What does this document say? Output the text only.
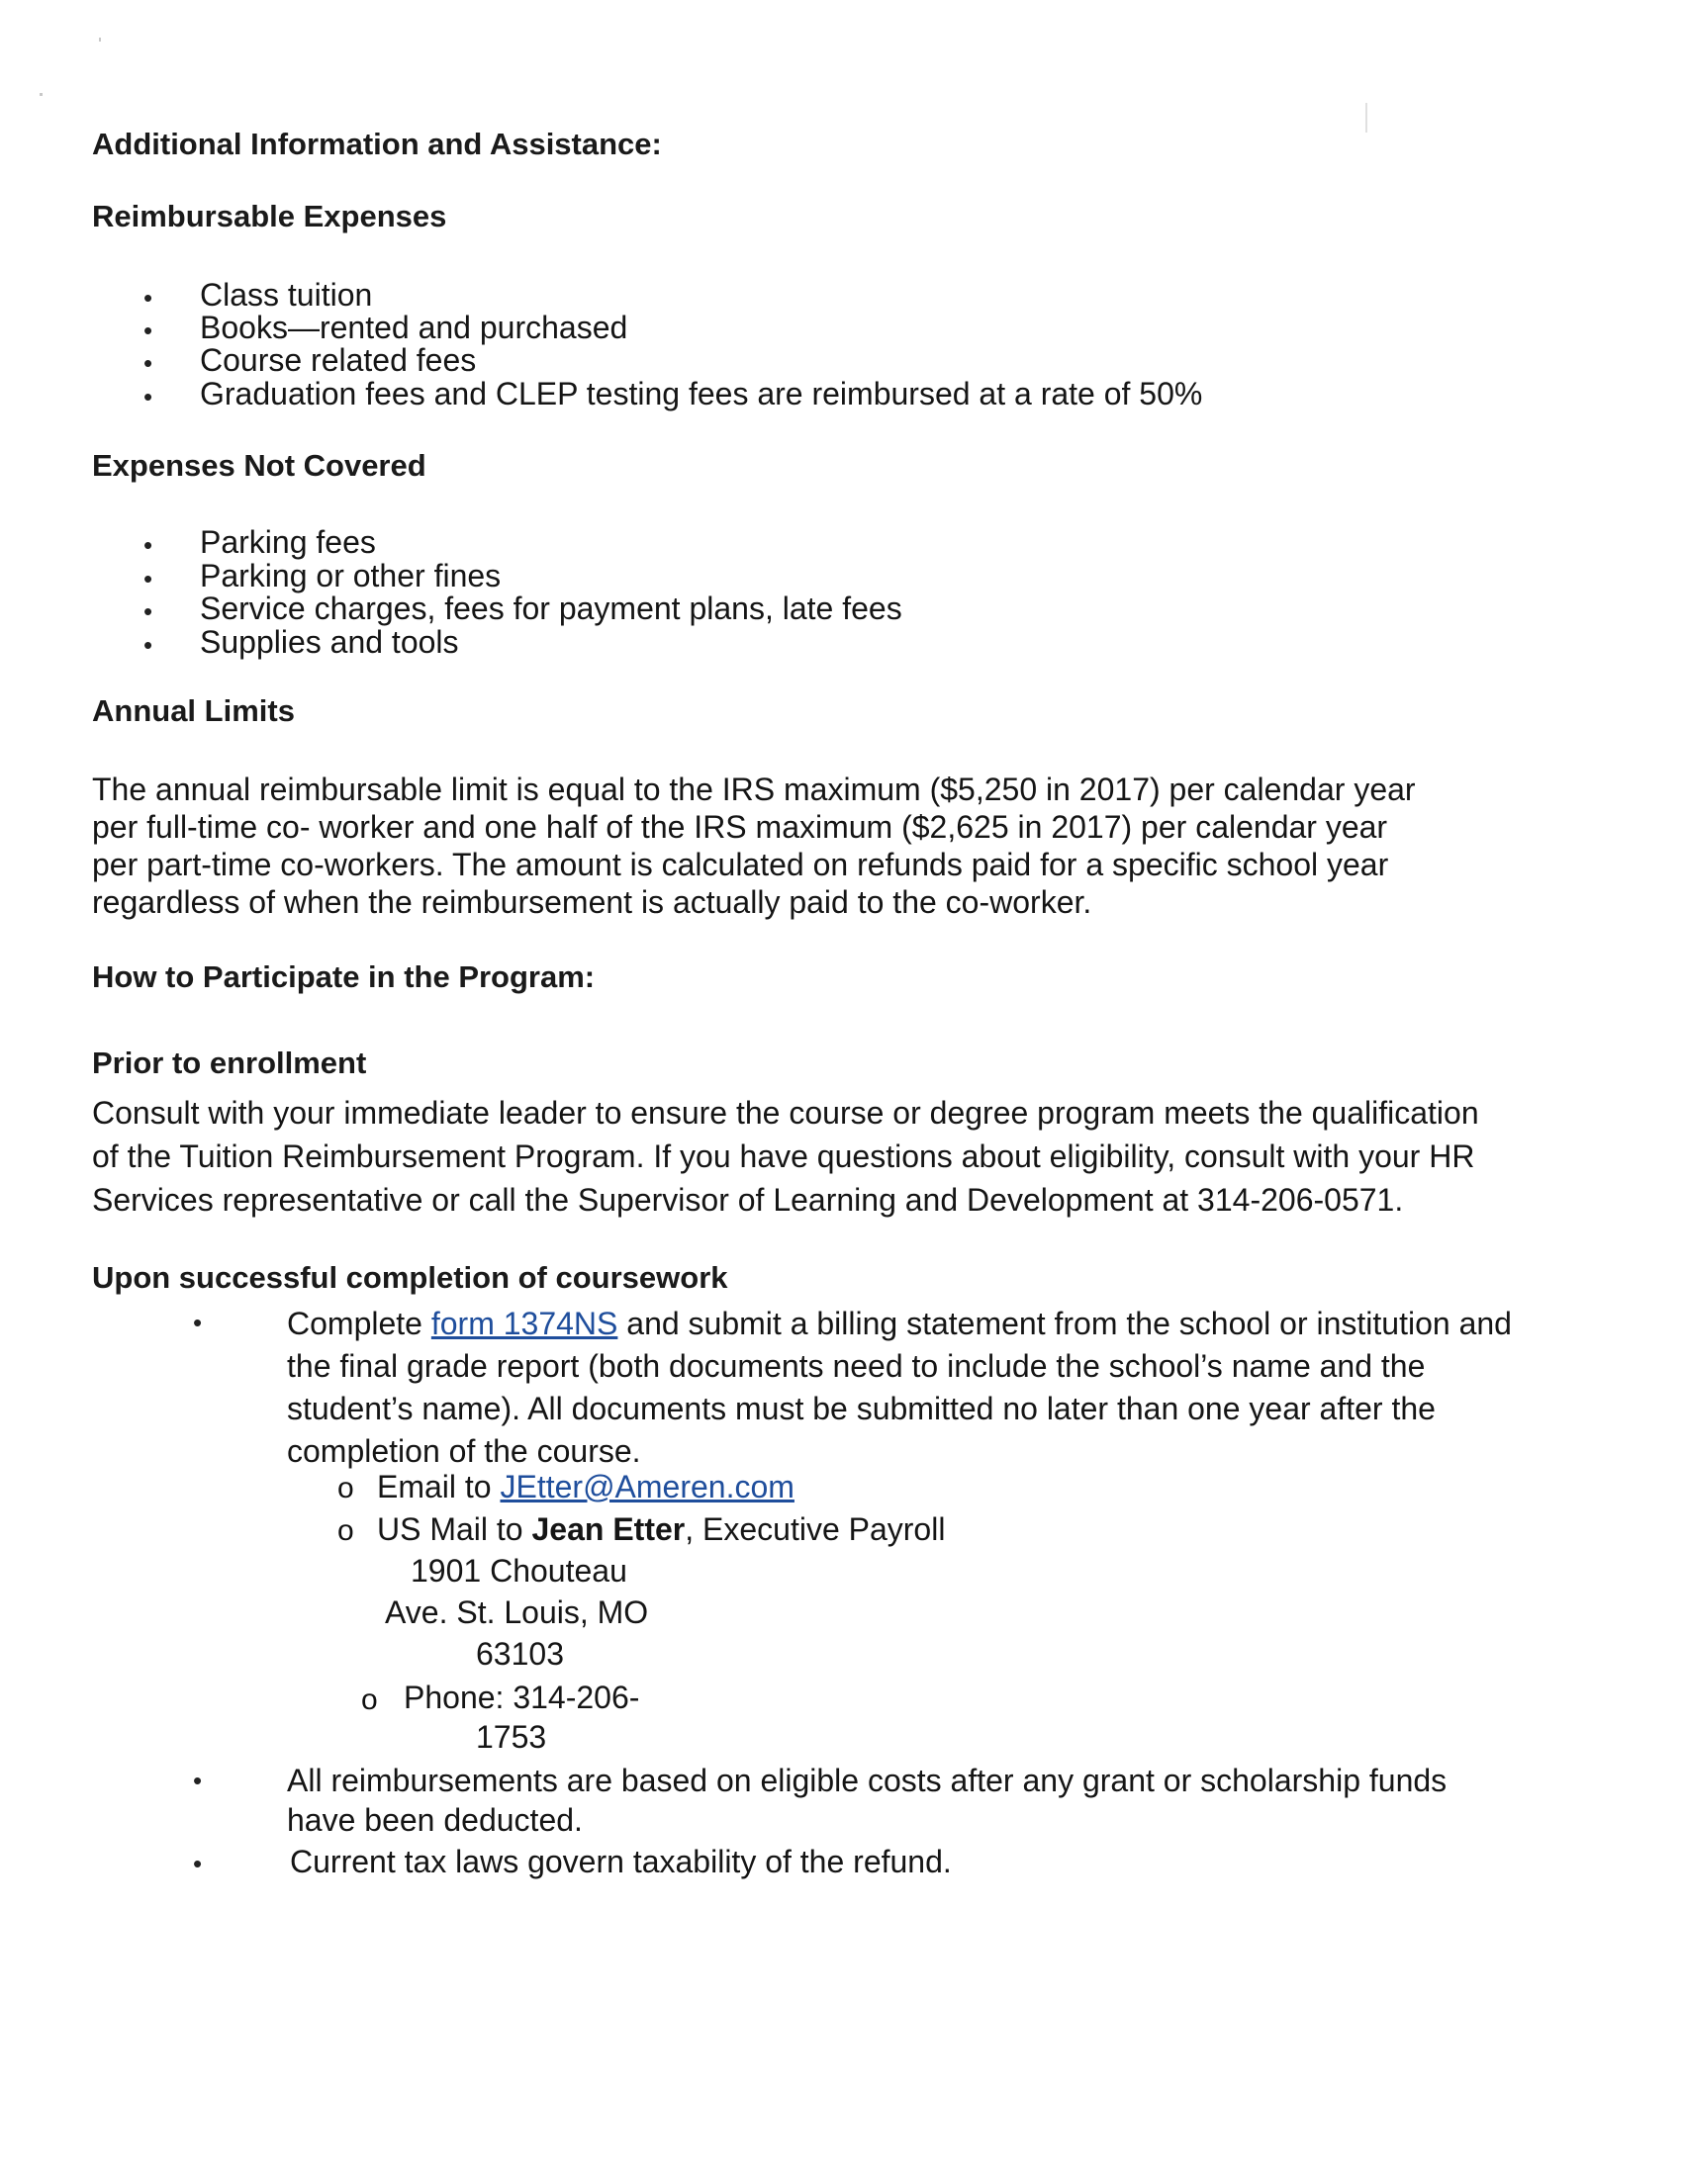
Additional Information and Assistance:
Reimbursable Expenses
• Class tuition
• Books—rented and purchased
• Course related fees
• Graduation fees and CLEP testing fees are reimbursed at a rate of 50%
Expenses Not Covered
• Parking fees
• Parking or other fines
• Service charges, fees for payment plans, late fees
• Supplies and tools
Annual Limits
The annual reimbursable limit is equal to the IRS maximum ($5,250 in 2017) per calendar year
per full-time co- worker and one half of the IRS maximum ($2,625 in 2017) per calendar year
per part-time co-workers. The amount is calculated on refunds paid for a specific school year
regardless of when the reimbursement is actually paid to the co-worker.
How to Participate in the Program:
Prior to enrollment
Consult with your immediate leader to ensure the course or degree program meets the qualification
of the Tuition Reimbursement Program. If you have questions about eligibility, consult with your HR
Services representative or call the Supervisor of Learning and Development at 314-206-0571.
Upon successful completion of coursework
•	Complete form 1374NS and submit a billing statement from the school or institution and
the final grade report (both documents need to include the school’s name and the
student’s name). All documents must be submitted no later than one year after the
completion of the course.
o Email to JEtter@Ameren.com
o US Mail to Jean Etter, Executive Payroll
1901 Chouteau
Ave. St. Louis, MO
63103
o Phone: 314-206-
1753
•	All reimbursements are based on eligible costs after any grant or scholarship funds
have been deducted.
•	Current tax laws govern taxability of the refund.
